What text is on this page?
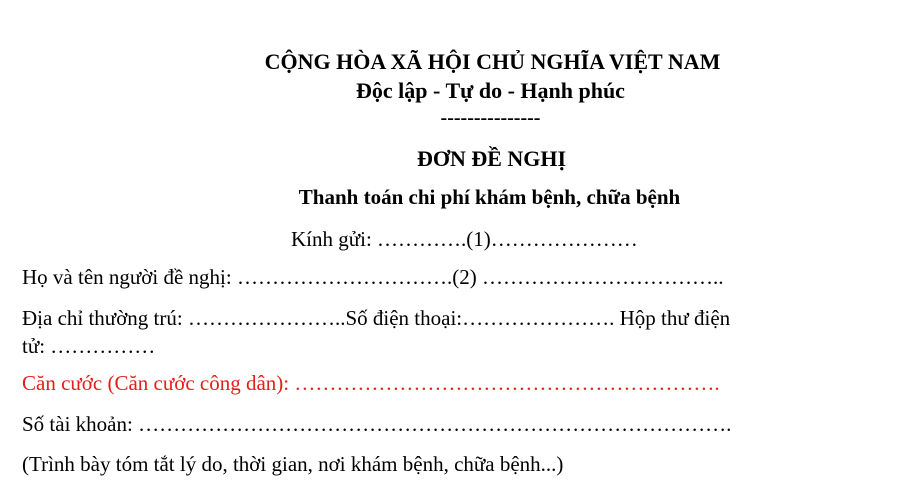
CỘNG HÒA XÃ HỘI CHỦ NGHĨA VIỆT NAM
Độc lập - Tự do - Hạnh phúc
---------------
ĐƠN ĐỀ NGHỊ
Thanh toán chi phí khám bệnh, chữa bệnh
Kính gửi: ………….(1)…………………
Họ và tên người đề nghị: ………………………….(2) ……………………………..
Địa chỉ thường trú: …………………..Số điện thoại:…………………. Hộp thư điện
tử: ……………
Căn cước (Căn cước công dân): …………………………………………………….
Số tài khoản: ………………………………………………………………………….
(Trình bày tóm tắt lý do, thời gian, nơi khám bệnh, chữa bệnh...)
